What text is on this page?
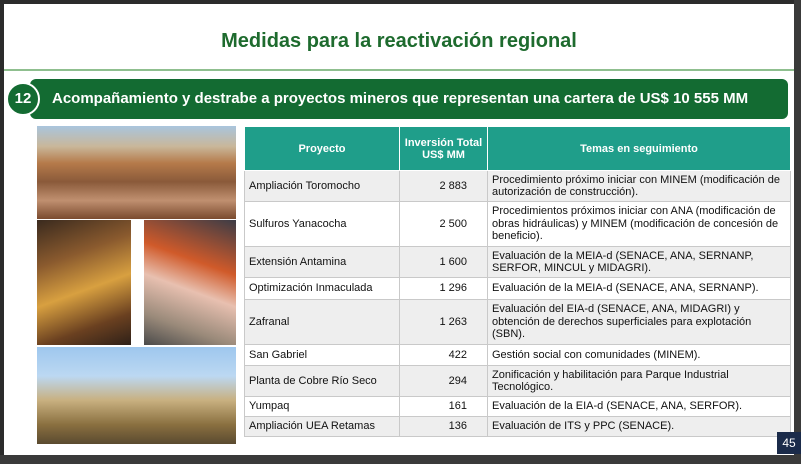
Medidas para la reactivación regional
Acompañamiento y destrabe a proyectos mineros que representan una cartera de US$ 10 555 MM
12
Proyecto	Inversión Total US$ MM	Temas en seguimiento
Ampliación Toromocho	2 883	Procedimiento próximo iniciar con MINEM (modificación de autorización de construcción).
Sulfuros Yanacocha	2 500	Procedimientos próximos iniciar con ANA (modificación de obras hidráulicas) y MINEM (modificación de concesión de beneficio).
Extensión Antamina	1 600	Evaluación de la MEIA-d (SENACE, ANA, SERNANP, SERFOR, MINCUL y MIDAGRI).
Optimización Inmaculada	1 296	Evaluación de la MEIA-d (SENACE, ANA, SERNANP).
Zafranal	1 263	Evaluación del EIA-d (SENACE, ANA, MIDAGRI) y obtención de derechos superficiales para explotación (SBN).
San Gabriel	422	Gestión social con comunidades (MINEM).
Planta de Cobre Río Seco	294	Zonificación y habilitación para Parque Industrial Tecnológico.
Yumpaq	161	Evaluación de la EIA-d (SENACE, ANA, SERFOR).
Ampliación UEA Retamas	136	Evaluación de ITS y PPC (SENACE).
45
